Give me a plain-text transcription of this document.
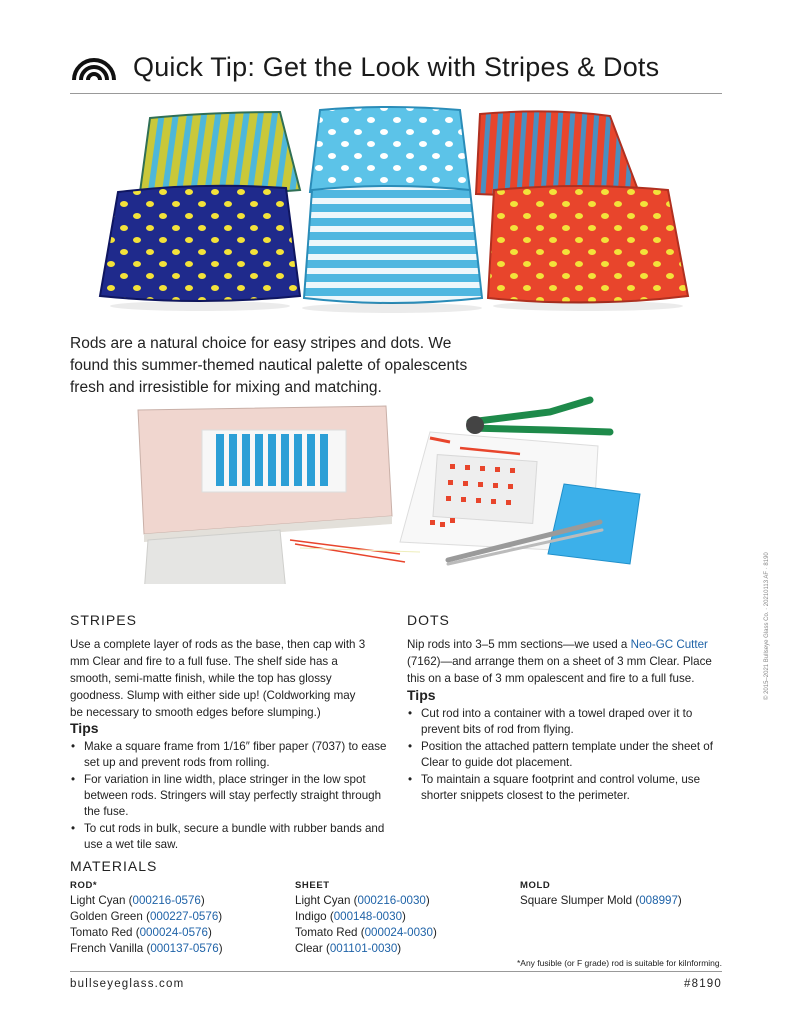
Quick Tip: Get the Look with Stripes & Dots
Rods are a natural choice for easy stripes and dots. We found this summer-themed nautical palette of opalescents fresh and irresistible for mixing and matching.
STRIPES
Use a complete layer of rods as the base, then cap with 3 mm Clear and fire to a full fuse. The shelf side has a smooth, semi-matte finish, while the top has glossy goodness. Slump with either side up! (Coldworking may be necessary to smooth edges before slumping.)
Tips
• Make a square frame from 1/16″ fiber paper (7037) to ease set up and prevent rods from rolling.
• For variation in line width, place stringer in the low spot between rods. Stringers will stay perfectly straight through the fuse.
• To cut rods in bulk, secure a bundle with rubber bands and use a wet tile saw.
DOTS
Nip rods into 3–5 mm sections—we used a Neo-GC Cutter (7162)—and arrange them on a sheet of 3 mm Clear. Place this on a base of 3 mm opalescent and fire to a full fuse.
Tips
• Cut rod into a container with a towel draped over it to prevent bits of rod from flying.
• Position the attached pattern template under the sheet of Clear to guide dot placement.
• To maintain a square footprint and control volume, use shorter snippets closest to the perimeter.
MATERIALS
ROD*
Light Cyan (000216-0576)
Golden Green (000227-0576)
Tomato Red (000024-0576)
French Vanilla (000137-0576)
SHEET
Light Cyan (000216-0030)
Indigo (000148-0030)
Tomato Red (000024-0030)
Clear (001101-0030)
MOLD
Square Slumper Mold (008997)
*Any fusible (or F grade) rod is suitable for kilnforming.
bullseyeglass.com	#8190
© 2015–2021 Bullseye Glass Co. · 20210113 AF · 8190
